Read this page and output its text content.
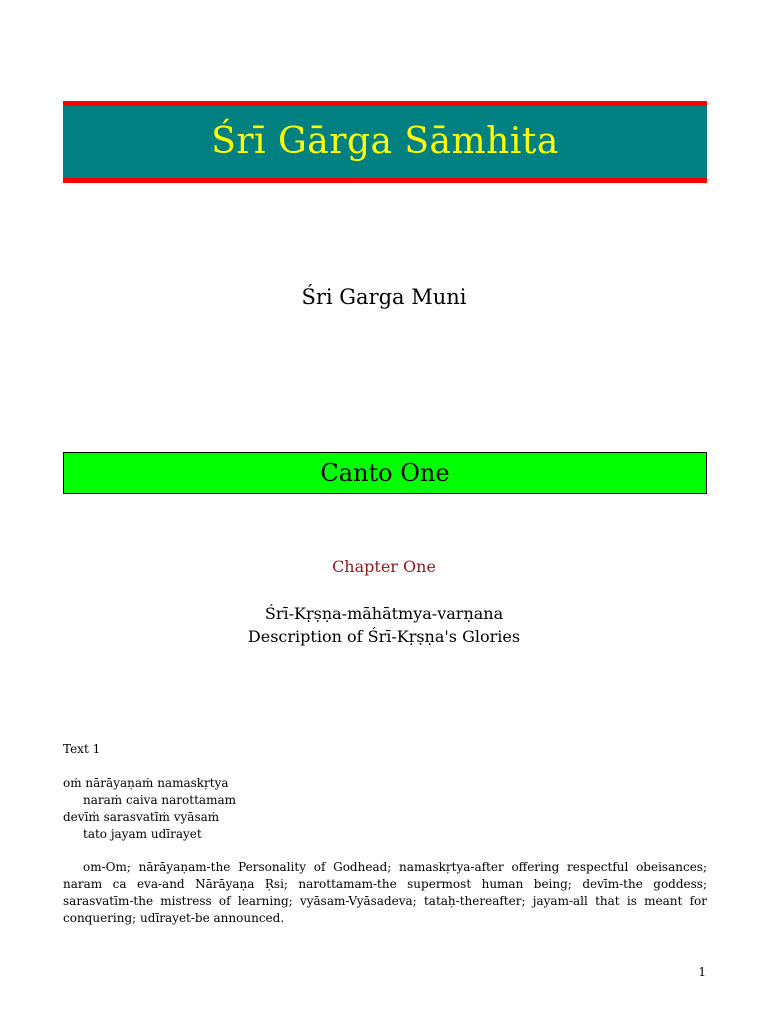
Śrī Gārga Sāmhita
Śri Garga Muni
Canto One
Chapter One
Śrī-Kṛṣṇa-māhātmya-varṇana
Description of Śrī-Kṛṣṇa's Glories
Text 1
oṁ nārāyaṇaṁ namaskṛtya
naraṁ caiva narottamam
devīṁ sarasvatīṁ vyāsaṁ
tato jayam udīrayet
om-Om; nārāyaṇam-the Personality of Godhead; namaskṛtya-after offering respectful obeisances; naram ca eva-and Nārāyaṇa Ṛsi; narottamam-the supermost human being; devīm-the goddess; sarasvatīm-the mistress of learning; vyāsam-Vyāsadeva; tataḥ-thereafter; jayam-all that is meant for conquering; udīrayet-be announced.
1
